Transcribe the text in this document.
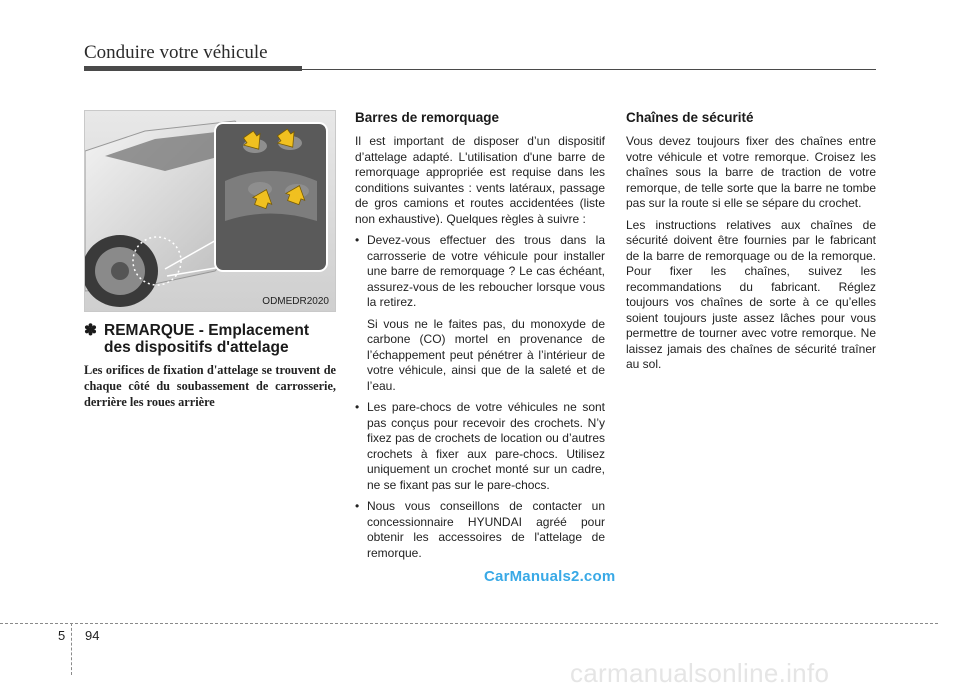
Conduire votre véhicule
ODMEDR2020
✽ REMARQUE - Emplacement des dispositifs d'attelage
Les orifices de fixation d'attelage se trouvent de chaque côté du soubassement de carrosserie, derrière les roues arrière
Barres de remorquage

Il est important de disposer d’un dispositif d’attelage adapté. L'utilisation d'une barre de remorquage appropriée est requise dans les conditions suivantes : vents latéraux, passage de gros camions et routes accidentées (liste non exhaustive). Quelques règles à suivre :

• Devez-vous effectuer des trous dans la carrosserie de votre véhicule pour installer une barre de remorquage ? Le cas échéant, assurez-vous de les reboucher lorsque vous la retirez.

Si vous ne le faites pas, du monoxyde de carbone (CO) mortel en provenance de l’échappement peut pénétrer à l’intérieur de votre véhicule, ainsi que de la saleté et de l’eau.

• Les pare-chocs de votre véhicules ne sont pas conçus pour recevoir des crochets. N’y fixez pas de crochets de location ou d’autres crochets à fixer aux pare-chocs. Utilisez uniquement un crochet monté sur un cadre, ne se fixant pas sur le pare-chocs.

• Nous vous conseillons de contacter un concessionnaire HYUNDAI agréé pour obtenir les accessoires de l'attelage de remorque.

Chaînes de sécurité

Vous devez toujours fixer des chaînes entre votre véhicule et votre remorque. Croisez les chaînes sous la barre de traction de votre remorque, de telle sorte que la barre ne tombe pas sur la route si elle se sépare du crochet.

Les instructions relatives aux chaînes de sécurité doivent être fournies par le fabricant de la barre de remorquage ou de la remorque. Pour fixer les chaînes, suivez les recommandations du fabricant. Réglez toujours vos chaînes de sorte à ce qu’elles soient toujours juste assez lâches pour vous permettre de tourner avec votre remorque. Ne laissez jamais des chaînes de sécurité traîner au sol.

CarManuals2.com
5 94
carmanualsonline.info
